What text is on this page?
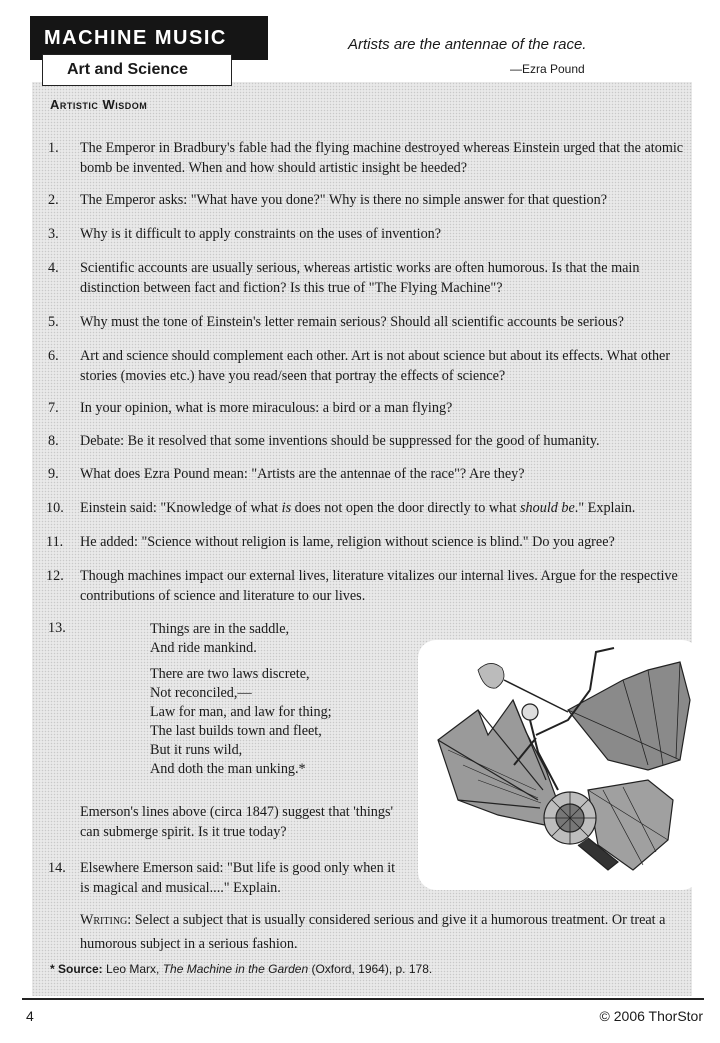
MACHINE MUSIC
Art and Science
Artists are the antennae of the race.
—Ezra Pound
Artistic Wisdom
1. The Emperor in Bradbury's fable had the flying machine destroyed whereas Einstein urged that the atomic bomb be invented. When and how should artistic insight be heeded?
2. The Emperor asks: "What have you done?" Why is there no simple answer for that question?
3. Why is it difficult to apply constraints on the uses of invention?
4. Scientific accounts are usually serious, whereas artistic works are often humorous. Is that the main distinction between fact and fiction? Is this true of "The Flying Machine"?
5. Why must the tone of Einstein's letter remain serious? Should all scientific accounts be serious?
6. Art and science should complement each other. Art is not about science but about its effects. What other stories (movies etc.) have you read/seen that portray the effects of science?
7. In your opinion, what is more miraculous: a bird or a man flying?
8. Debate: Be it resolved that some inventions should be suppressed for the good of humanity.
9. What does Ezra Pound mean: "Artists are the antennae of the race"? Are they?
10. Einstein said: "Knowledge of what is does not open the door directly to what should be." Explain.
11. He added: "Science without religion is lame, religion without science is blind." Do you agree?
12. Though machines impact our external lives, literature vitalizes our internal lives. Argue for the respective contributions of science and literature to our lives.
13.	Things are in the saddle,
And ride mankind.
There are two laws discrete,
Not reconciled,—
Law for man, and law for thing;
The last builds town and fleet,
But it runs wild,
And doth the man unking.*
Emerson's lines above (circa 1847) suggest that 'things' can submerge spirit. Is it true today?
14. Elsewhere Emerson said: "But life is good only when it is magical and musical...." Explain.
Writing: Select a subject that is usually considered serious and give it a humorous treatment. Or treat a humorous subject in a serious fashion.
* Source: Leo Marx, The Machine in the Garden (Oxford, 1964), p. 178.
4	© 2006 ThorStor
